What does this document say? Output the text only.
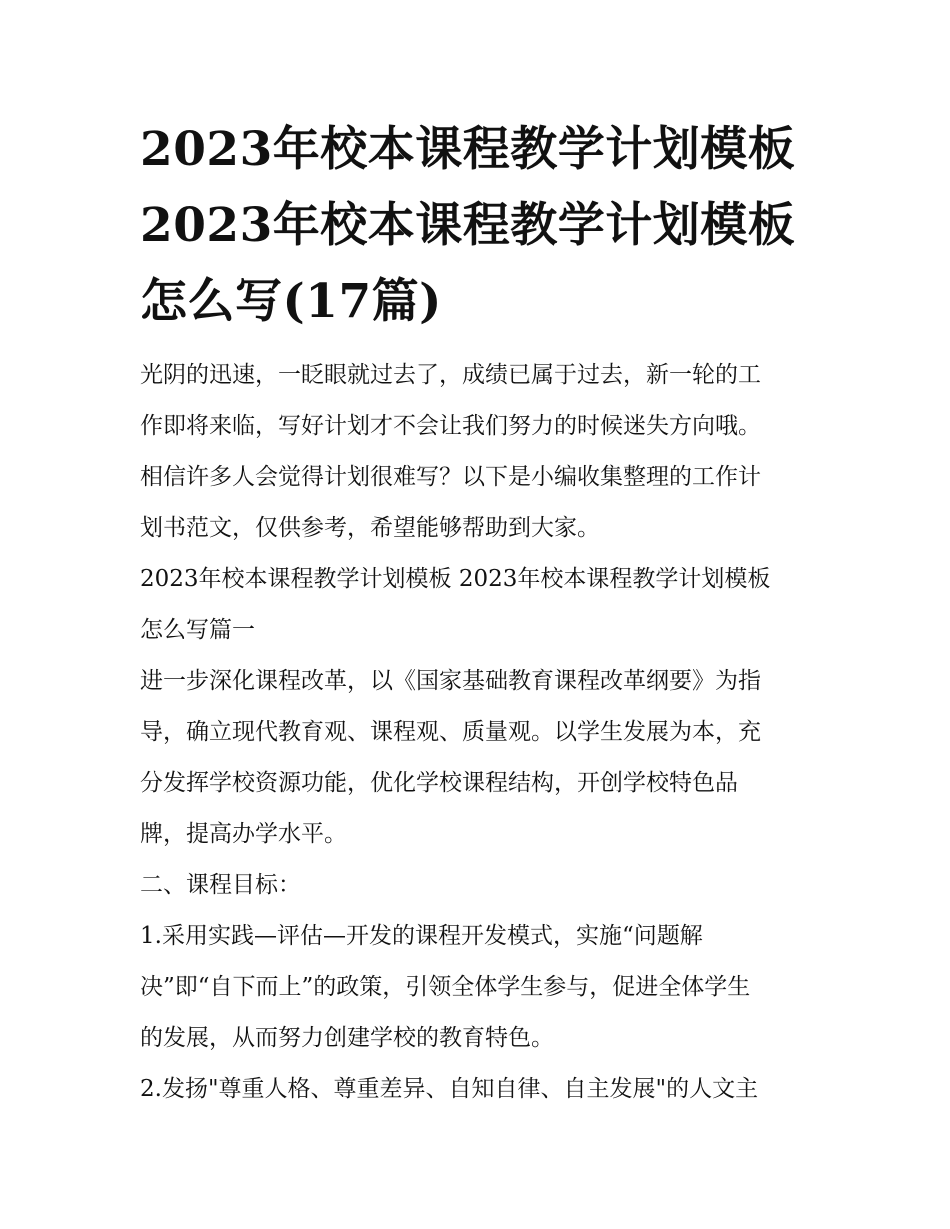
2023年校本课程教学计划模板
2023年校本课程教学计划模板
怎么写(17篇)
光阴的迅速，一眨眼就过去了，成绩已属于过去，新一轮的工
作即将来临，写好计划才不会让我们努力的时候迷失方向哦。
相信许多人会觉得计划很难写？以下是小编收集整理的工作计
划书范文，仅供参考，希望能够帮助到大家。
2023年校本课程教学计划模板 2023年校本课程教学计划模板
怎么写篇一
进一步深化课程改革，以《国家基础教育课程改革纲要》为指
导，确立现代教育观、课程观、质量观。以学生发展为本，充
分发挥学校资源功能，优化学校课程结构，开创学校特色品
牌，提高办学水平。
二、课程目标：
1.采用实践—评估—开发的课程开发模式，实施“问题解
决”即“自下而上”的政策，引领全体学生参与，促进全体学生
的发展，从而努力创建学校的教育特色。
2.发扬"尊重人格、尊重差异、自知自律、自主发展"的人文主
